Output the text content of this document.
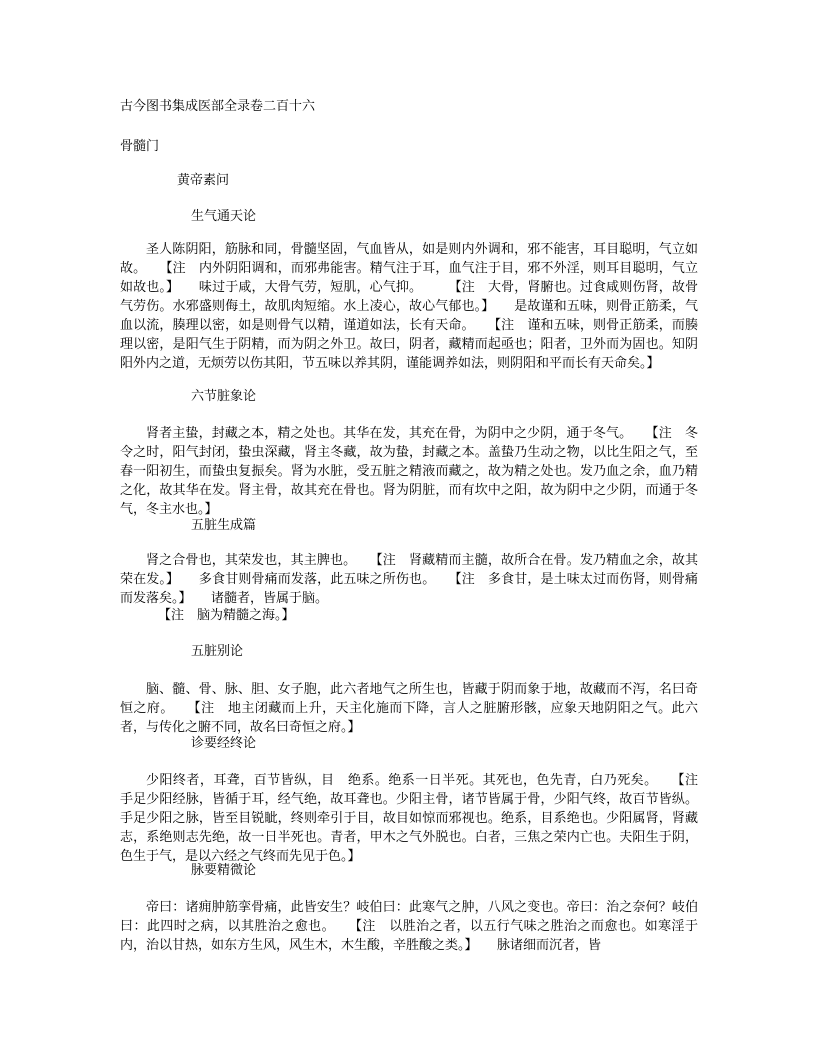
古今图书集成医部全录卷二百十六
骨髓门
黄帝素问
生气通天论

圣人陈阴阳，筋脉和同，骨髓坚固，气血皆从，如是则内外调和，邪不能害，耳目聪明，气立如故。　　【注　内外阴阳调和，而邪弗能害。精气注于耳，血气注于目，邪不外淫，则耳目聪明，气立如故也。】　　味过于咸，大骨气劳，短肌，心气抑。　　　【注　大骨，肾腑也。过食咸则伤肾，故骨气劳伤。水邪盛则侮土，故肌肉短缩。水上凌心，故心气郁也。】　　是故谨和五味，则骨正筋柔，气血以流，腠理以密，如是则骨气以精，谨道如法，长有天命。　　【注　谨和五味，则骨正筋柔，而腠理以密，是阳气生于阴精，而为阴之外卫。故曰，阴者，藏精而起亟也；阳者，卫外而为固也。知阴阳外内之道，无烦劳以伤其阳，节五味以养其阴，谨能调养如法，则阴阳和平而长有天命矣。】

六节脏象论

肾者主蛰，封藏之本，精之处也。其华在发，其充在骨，为阴中之少阴，通于冬气。　　【注　冬令之时，阳气封闭，蛰虫深藏，肾主冬藏，故为蛰，封藏之本。盖蛰乃生动之物，以比生阳之气，至春一阳初生，而蛰虫复振矣。肾为水脏，受五脏之精液而藏之，故为精之处也。发乃血之余，血乃精之化，故其华在发。肾主骨，故其充在骨也。肾为阴脏，而有坎中之阳，故为阴中之少阴，而通于冬气，冬主水也。】

五脏生成篇

肾之合骨也，其荣发也，其主脾也。　　【注　肾藏精而主髓，故所合在骨。发乃精血之余，故其荣在发。】　　多食甘则骨痛而发落，此五味之所伤也。　　【注　多食甘，是土味太过而伤肾，则骨痛而发落矣。】　　诸髓者，皆属于脑。

【注　脑为精髓之海。】
五脏别论

脑、髓、骨、脉、胆、女子胞，此六者地气之所生也，皆藏于阴而象于地，故藏而不泻，名曰奇恒之府。　　【注　地主闭藏而上升，天主化施而下降，言人之脏腑形骸，应象天地阴阳之气。此六者，与传化之腑不同，故名曰奇恒之府。】

诊要经终论

少阳终者，耳聋，百节皆纵，目　绝系。绝系一日半死。其死也，色先青，白乃死矣。　　【注　手足少阳经脉，皆循于耳，经气绝，故耳聋也。少阳主骨，诸节皆属于骨，少阳气终，故百节皆纵。手足少阳之脉，皆至目锐眦，终则牵引于目，故目如惊而邪视也。绝系，目系绝也。少阳属肾，肾藏志，系绝则志先绝，故一日半死也。青者，甲木之气外脱也。白者，三焦之荣内亡也。夫阳生于阴，色生于气，是以六经之气终而先见于色。】

脉要精微论

帝曰：诸痈肿筋挛骨痛，此皆安生？岐伯曰：此寒气之肿，八风之变也。帝曰：治之奈何？岐伯曰：此四时之病，以其胜治之愈也。　　【注　以胜治之者，以五行气味之胜治之而愈也。如寒淫于内，治以甘热，如东方生风，风生木，木生酸，辛胜酸之类。】　　脉诸细而沉者，皆
